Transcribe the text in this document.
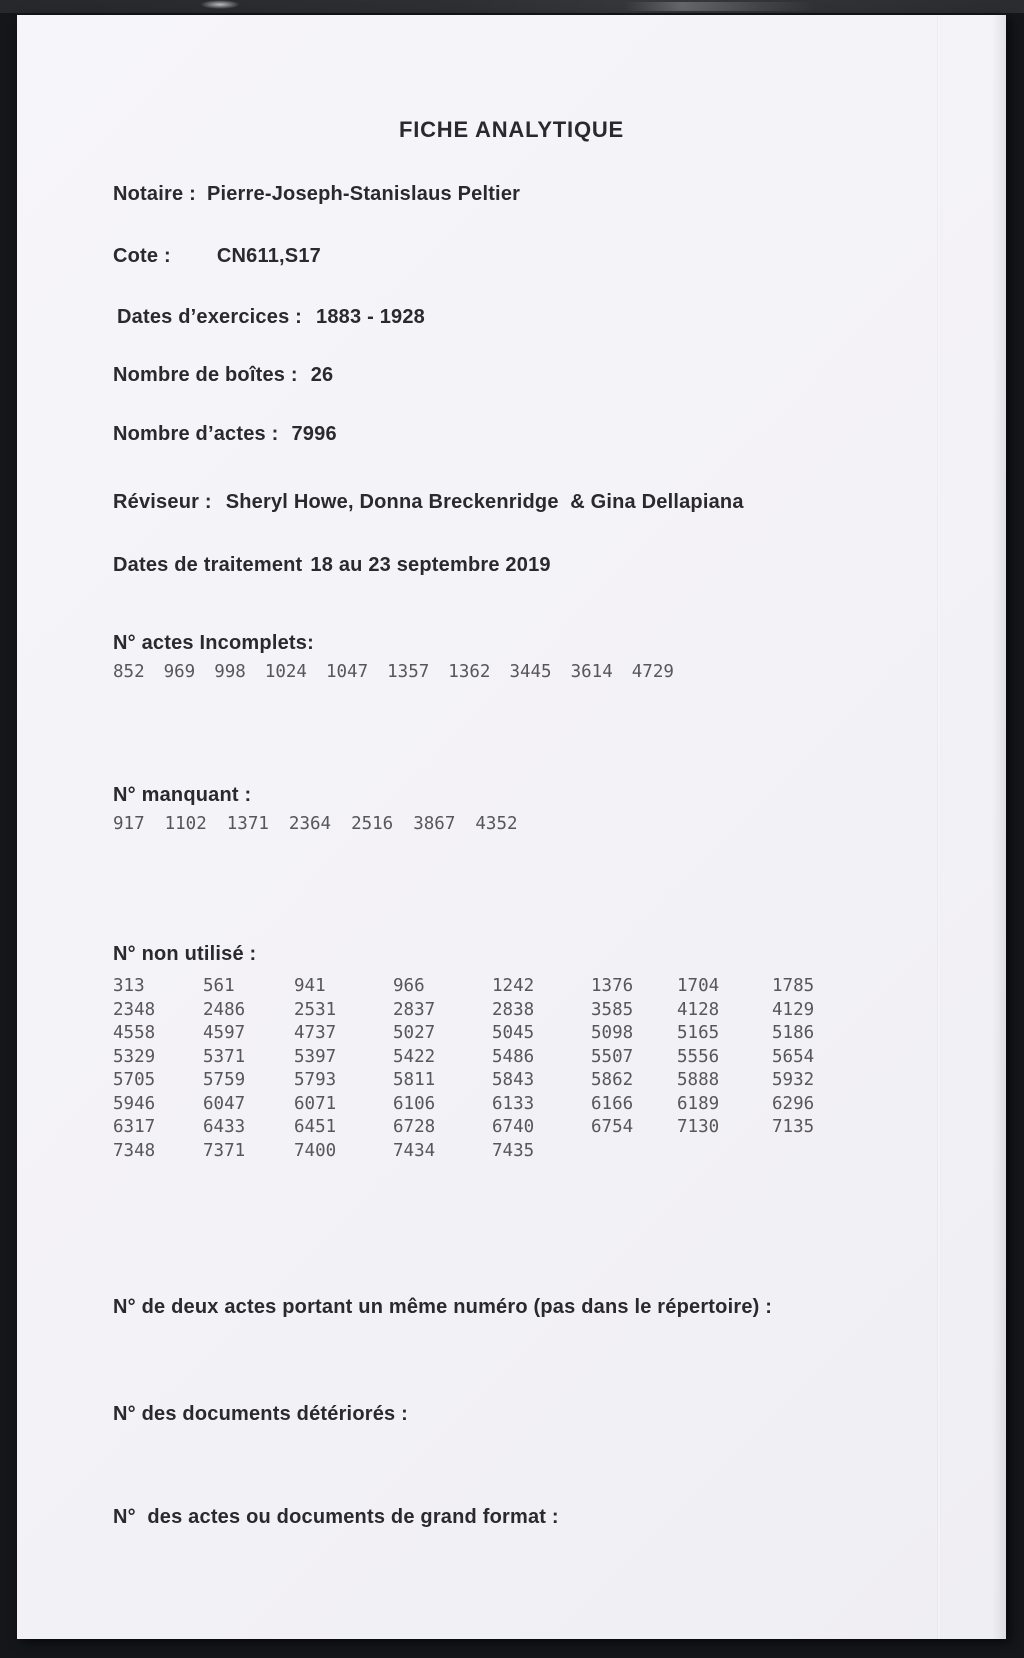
FICHE ANALYTIQUE
Notaire : Pierre-Joseph-Stanislaus Peltier
Cote : CN611,S17
Dates d’exercices : 1883 - 1928
Nombre de boîtes : 26
Nombre d’actes : 7996
Réviseur : Sheryl Howe, Donna Breckenridge  & Gina Dellapiana
Dates de traitement 18 au 23 septembre 2019
N° actes Incomplets:
852 969 998 1024 1047 1357 1362 3445 3614 4729
N° manquant :
917 1102 1371 2364 2516 3867 4352
N° non utilisé :
313	561	941	966	1242	1376	1704	1785
2348	2486	2531	2837	2838	3585	4128	4129
4558	4597	4737	5027	5045	5098	5165	5186
5329	5371	5397	5422	5486	5507	5556	5654
5705	5759	5793	5811	5843	5862	5888	5932
5946	6047	6071	6106	6133	6166	6189	6296
6317	6433	6451	6728	6740	6754	7130	7135
7348	7371	7400	7434	7435
N° de deux actes portant un même numéro (pas dans le répertoire) :
N° des documents détériorés :
N°  des actes ou documents de grand format :
